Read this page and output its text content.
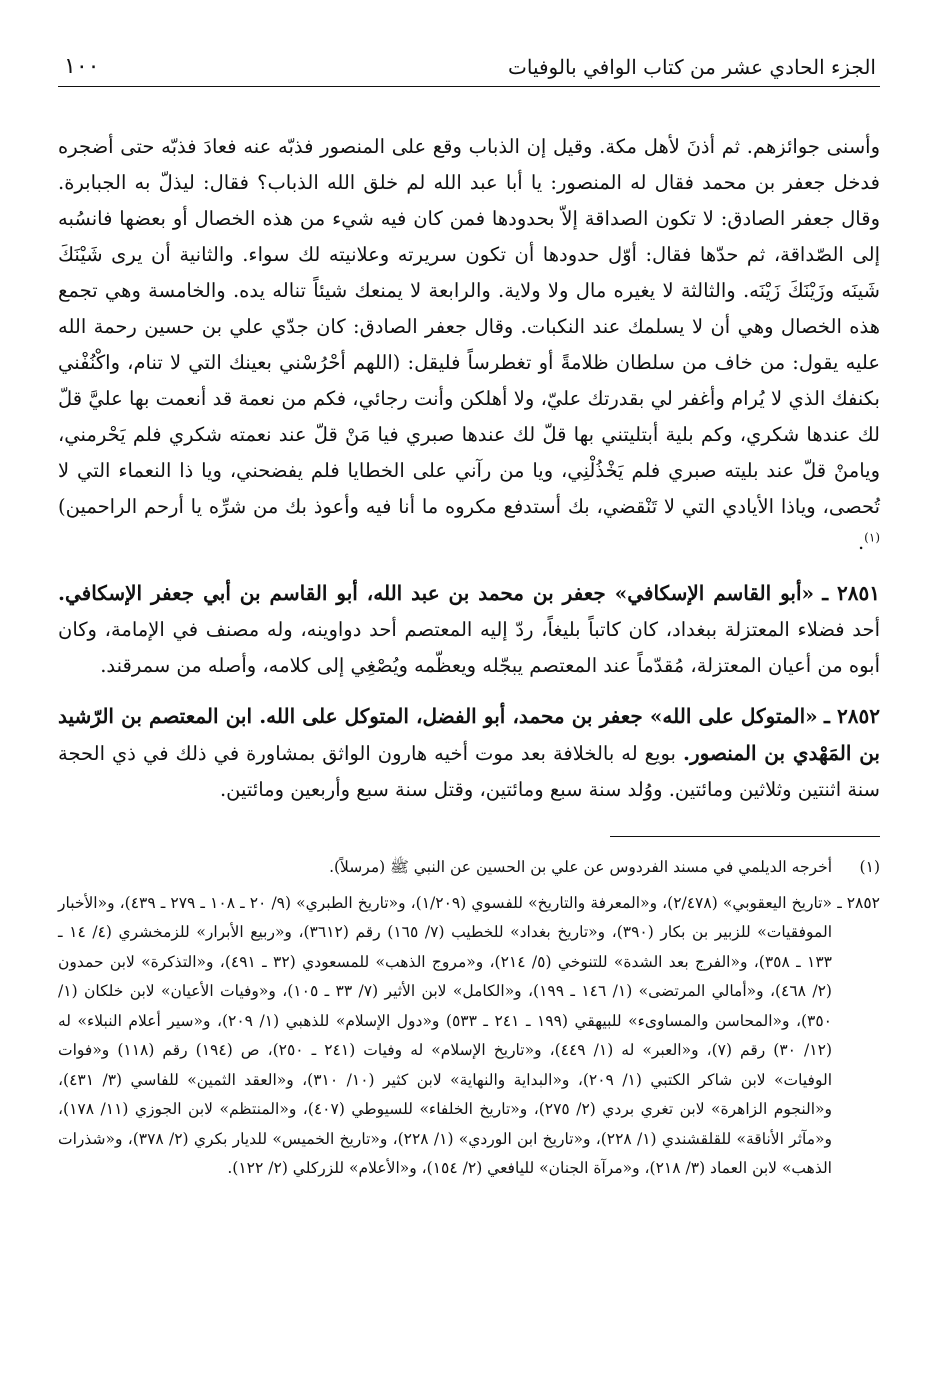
الجزء الحادي عشر من كتاب الوافي بالوفيات
١٠٠

وأسنى جوائزهم. ثم أذنَ لأهل مكة. وقيل إن الذباب وقع على المنصور فذبّه عنه فعادَ فذبّه حتى أضجره فدخل جعفر بن محمد فقال له المنصور: يا أبا عبد الله لم خلق الله الذباب؟ فقال: ليذلّ به الجبابرة. وقال جعفر الصادق: لا تكون الصداقة إلاّ بحدودها فمن كان فيه شيء من هذه الخصال أو بعضها فانسُبه إلى الصّداقة، ثم حدّها فقال: أوّل حدودها أن تكون سريرته وعلانيته لك سواء. والثانية أن يرى شَيْنَكَ شَينَه وزَيْنَكَ زَيْنَه. والثالثة لا يغيره مال ولا ولاية. والرابعة لا يمنعك شيئاً تناله يده. والخامسة وهي تجمع هذه الخصال وهي أن لا يسلمك عند النكبات. وقال جعفر الصادق: كان جدّي علي بن حسين رحمة الله عليه يقول: من خاف من سلطان ظلامةً أو تغطرساً فليقل: (اللهم أحْرُسْني بعينك التي لا تنام، واكْنُفْني بكنفك الذي لا يُرام وأغفر لي بقدرتك عليّ، ولا أهلكن وأنت رجائي، فكم من نعمة قد أنعمت بها عليَّ قلّ لك عندها شكري، وكم بلية أبتليتني بها قلّ لك عندها صبري فيا مَنْ قلّ عند نعمته شكري فلم يَحْرمني، ويامنْ قلّ عند بليته صبري فلم يَخْذُلْنِي، ويا من رآني على الخطايا فلم يفضحني، ويا ذا النعماء التي لا تُحصى، وياذا الأيادي التي لا تَنْقضي، بك أستدفع مكروه ما أنا فيه وأعوذ بك من شرِّه يا أرحم الراحمين)$^{(١)}$.

٢٨٥١ ـ «أبو القاسم الإسكافي» جعفر بن محمد بن عبد الله، أبو القاسم بن أبي جعفر الإسكافي. أحد فضلاء المعتزلة ببغداد، كان كاتباً بليغاً، ردّ إليه المعتصم أحد دواوينه، وله مصنف في الإمامة، وكان أبوه من أعيان المعتزلة، مُقدّماً عند المعتصم يبجّله ويعظّمه ويُصْغِي إلى كلامه، وأصله من سمرقند.

٢٨٥٢ ـ «المتوكل على الله» جعفر بن محمد، أبو الفضل، المتوكل على الله. ابن المعتصم بن الرّشيد بن المَهْدي بن المنصور. بويع له بالخلافة بعد موت أخيه هارون الواثق بمشاورة في ذلك في ذي الحجة سنة اثنتين وثلاثين ومائتين. ووُلد سنة سبع ومائتين، وقتل سنة سبع وأربعين ومائتين.

(١)
أخرجه الديلمي في مسند الفردوس عن علي بن الحسين عن النبي ﷺ (مرسلاً).
٢٨٥٢ ـ
«تاريخ اليعقوبي» (٢/٤٧٨)، و«المعرفة والتاريخ» للفسوي (١/٢٠٩)، و«تاريخ الطبري» (٩/ ٢٠ ـ ١٠٨ ـ ٢٧٩ ـ ٤٣٩)، و«الأخبار الموفقيات» للزبير بن بكار (٣٩٠)، و«تاريخ بغداد» للخطيب (٧/ ١٦٥) رقم (٣٦١٢)، و«ربيع الأبرار» للزمخشري (٤/ ١٤ ـ ١٣٣ ـ ٣٥٨)، و«الفرج بعد الشدة» للتنوخي (٥/ ٢١٤)، و«مروج الذهب» للمسعودي (٣٢ ـ ٤٩١)، و«التذكرة» لابن حمدون (٢/ ٤٦٨)، و«أمالي المرتضى» (١/ ١٤٦ ـ ١٩٩)، و«الكامل» لابن الأثير (٧/ ٣٣ ـ ١٠٥)، و«وفيات الأعيان» لابن خلكان (١/ ٣٥٠)، و«المحاسن والمساوىء» للبيهقي (١٩٩ ـ ٢٤١ ـ ٥٣٣) و«دول الإسلام» للذهبي (١/ ٢٠٩)، و«سير أعلام النبلاء» له (١٢/ ٣٠) رقم (٧)، و«العبر» له (١/ ٤٤٩)، و«تاريخ الإسلام» له وفيات (٢٤١ ـ ٢٥٠)، ص (١٩٤) رقم (١١٨) و«فوات الوفيات» لابن شاكر الكتبي (١/ ٢٠٩)، و«البداية والنهاية» لابن كثير (١٠/ ٣١٠)، و«العقد الثمين» للفاسي (٣/ ٤٣١)، و«النجوم الزاهرة» لابن تغري بردي (٢/ ٢٧٥)، و«تاريخ الخلفاء» للسيوطي (٤٠٧)، و«المنتظم» لابن الجوزي (١١/ ١٧٨)، و«مآثر الأناقة» للقلقشندي (١/ ٢٢٨)، و«تاريخ ابن الوردي» (١/ ٢٢٨)، و«تاريخ الخميس» للديار بكري (٢/ ٣٧٨)، و«شذرات الذهب» لابن العماد (٣/ ٢١٨)، و«مرآة الجنان» لليافعي (٢/ ١٥٤)، و«الأعلام» للزركلي (٢/ ١٢٢).
